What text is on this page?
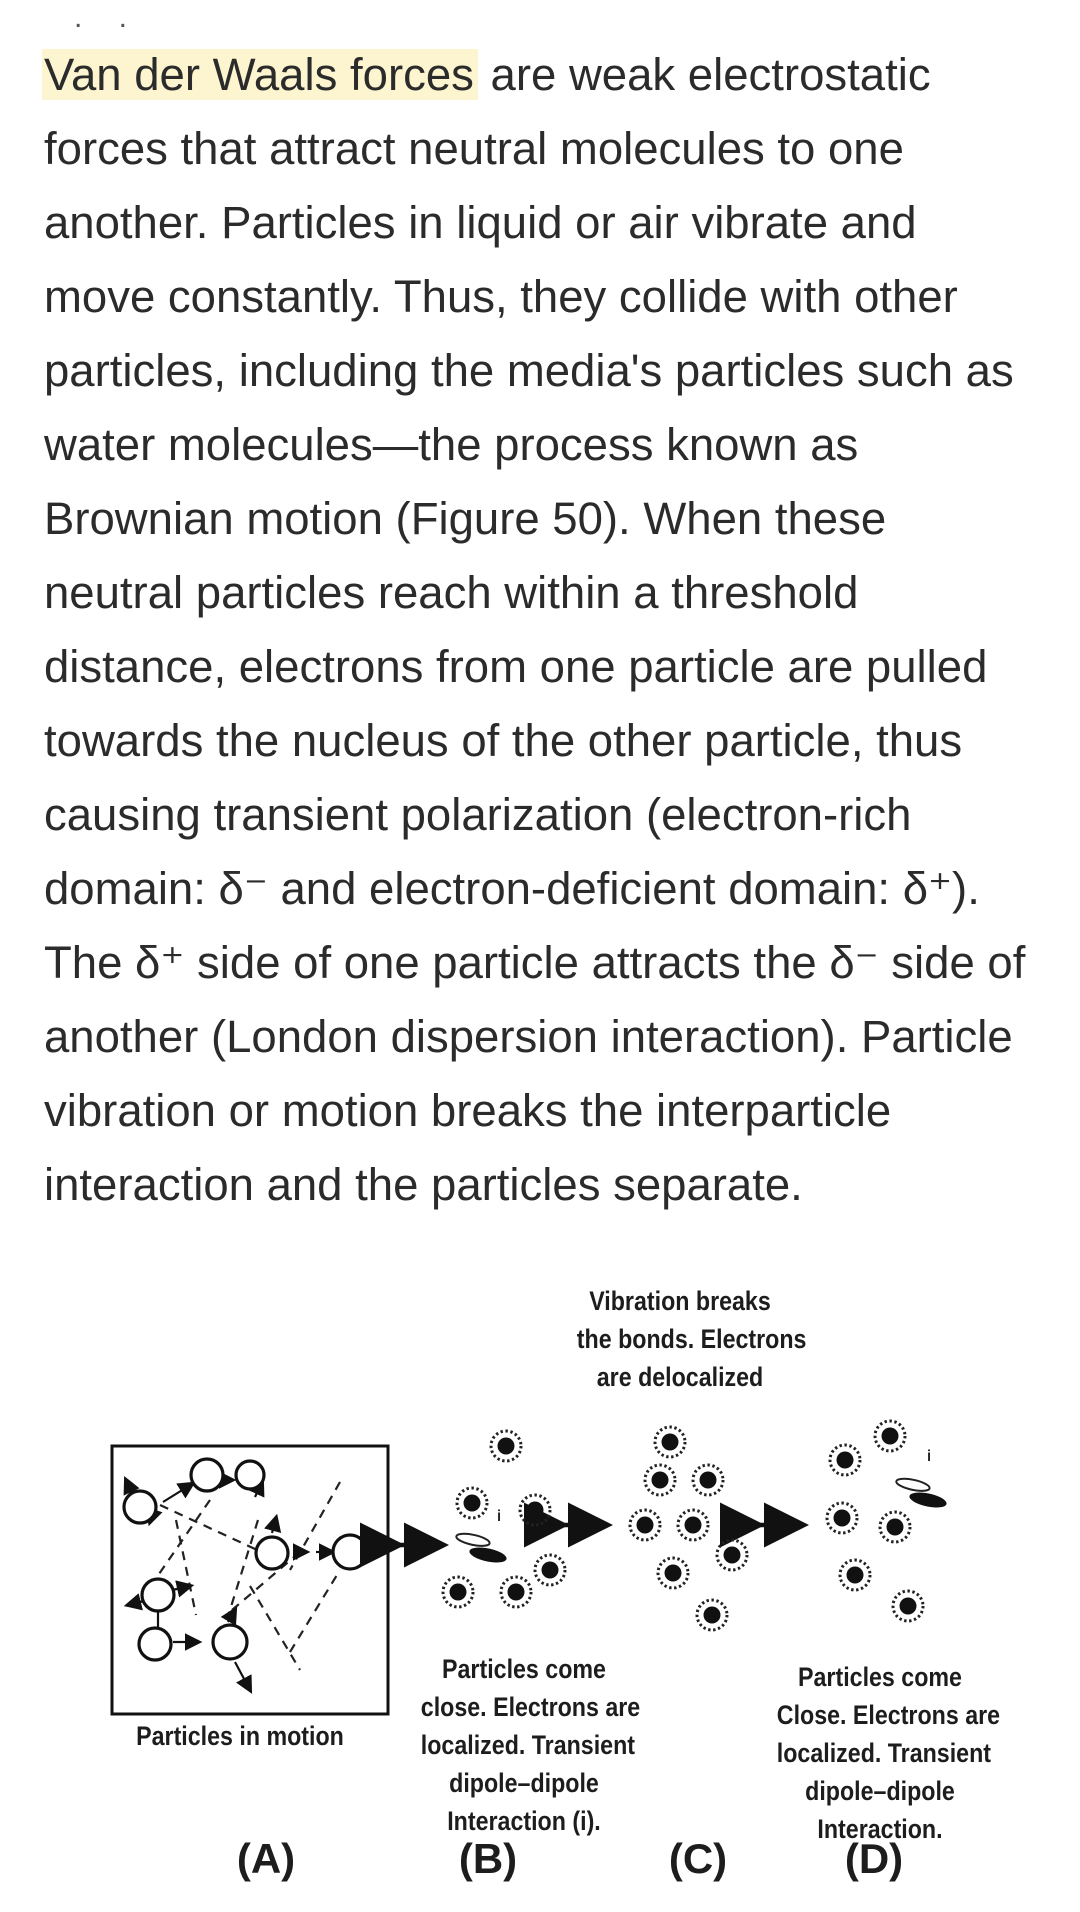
. .
Van der Waals forces are weak electrostatic
forces that attract neutral molecules to one
another. Particles in liquid or air vibrate and
move constantly. Thus, they collide with other
particles, including the media's particles such as
water molecules—the process known as
Brownian motion (Figure 50). When these
neutral particles reach within a threshold
distance, electrons from one particle are pulled
towards the nucleus of the other particle, thus
causing transient polarization (electron-rich
domain: δ⁻ and electron-deficient domain: δ⁺).
The δ⁺ side of one particle attracts the δ⁻ side of
another (London dispersion interaction). Particle
vibration or motion breaks the interparticle
interaction and the particles separate.
Vibration breaks
the bonds. Electrons
are delocalized
i
i
Particles in motion
Particles come
close. Electrons are
localized. Transient
dipole–dipole
Interaction (i).
Particles come
Close. Electrons are
localized. Transient
dipole–dipole
Interaction.
(A)	(B)	(C)	(D)
